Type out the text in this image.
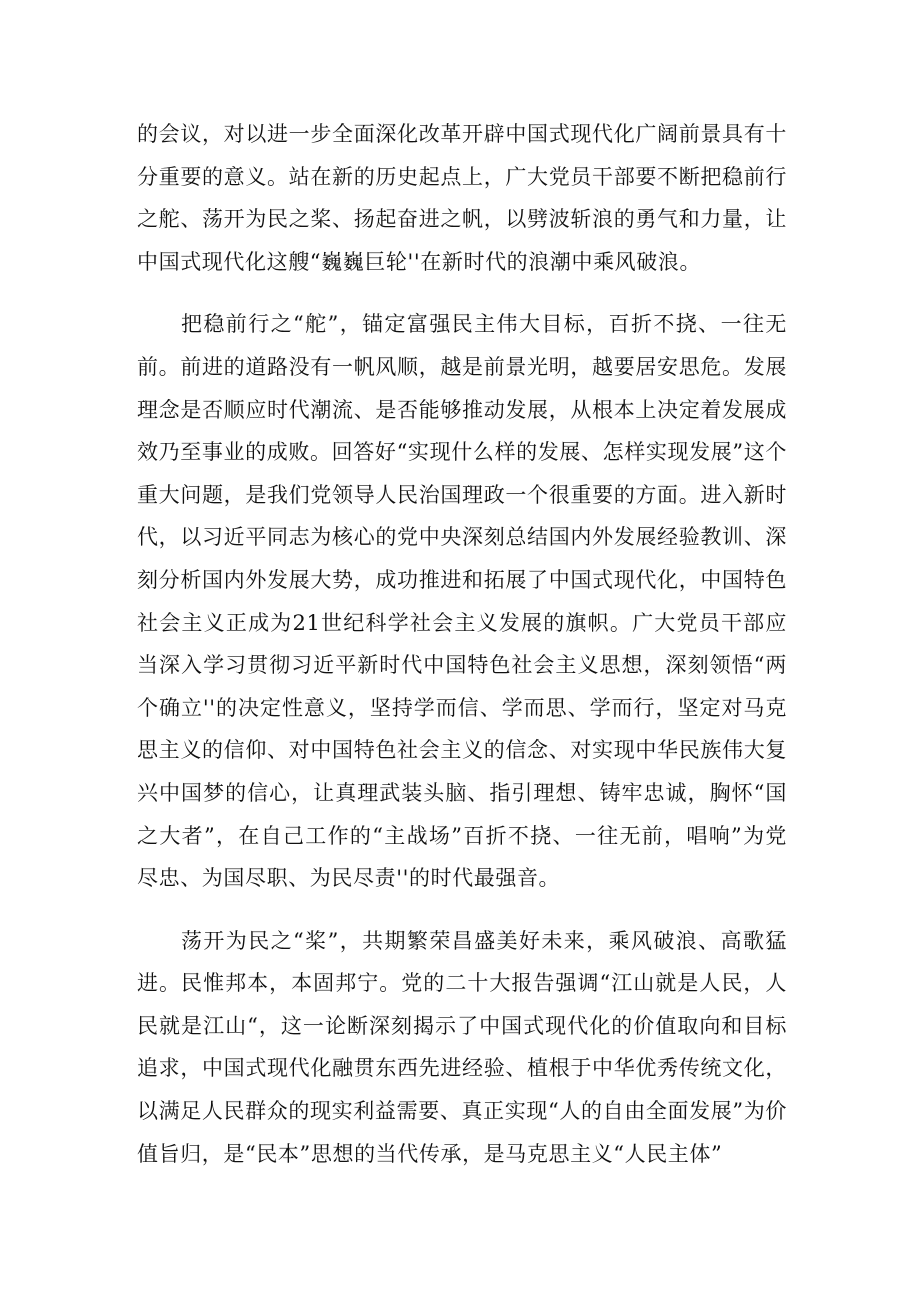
的会议，对以进一步全面深化改革开辟中国式现代化广阔前景具有十分重要的意义。站在新的历史起点上，广大党员干部要不断把稳前行之舵、荡开为民之桨、扬起奋进之帆，以劈波斩浪的勇气和力量，让中国式现代化这艘“巍巍巨轮''在新时代的浪潮中乘风破浪。

把稳前行之“舵”，锚定富强民主伟大目标，百折不挠、一往无前。前进的道路没有一帆风顺，越是前景光明，越要居安思危。发展理念是否顺应时代潮流、是否能够推动发展，从根本上决定着发展成效乃至事业的成败。回答好“实现什么样的发展、怎样实现发展”这个重大问题，是我们党领导人民治国理政一个很重要的方面。进入新时代，以习近平同志为核心的党中央深刻总结国内外发展经验教训、深刻分析国内外发展大势，成功推进和拓展了中国式现代化，中国特色社会主义正成为21世纪科学社会主义发展的旗帜。广大党员干部应当深入学习贯彻习近平新时代中国特色社会主义思想，深刻领悟“两个确立''的决定性意义，坚持学而信、学而思、学而行，坚定对马克思主义的信仰、对中国特色社会主义的信念、对实现中华民族伟大复兴中国梦的信心，让真理武装头脑、指引理想、铸牢忠诚，胸怀“国之大者”，在自己工作的“主战场”百折不挠、一往无前，唱响”为党尽忠、为国尽职、为民尽责''的时代最强音。

荡开为民之“桨”，共期繁荣昌盛美好未来，乘风破浪、高歌猛进。民惟邦本，本固邦宁。党的二十大报告强调“江山就是人民，人民就是江山“，这一论断深刻揭示了中国式现代化的价值取向和目标追求，中国式现代化融贯东西先进经验、植根于中华优秀传统文化，以满足人民群众的现实利益需要、真正实现“人的自由全面发展”为价值旨归，是“民本”思想的当代传承，是马克思主义“人民主体”
